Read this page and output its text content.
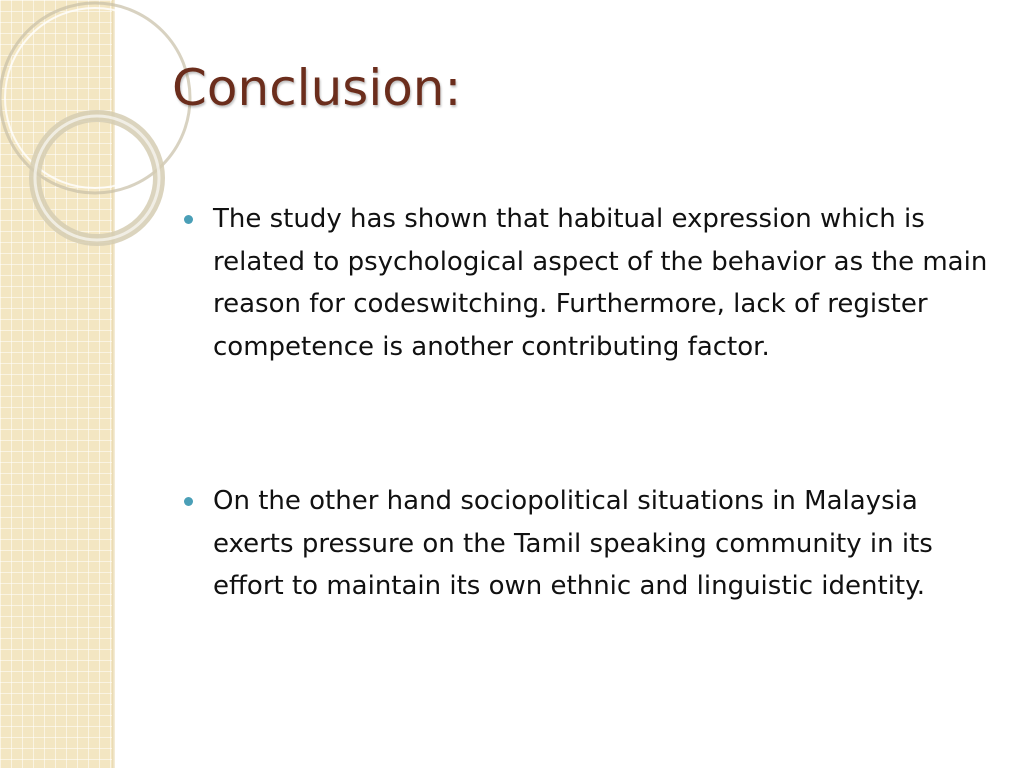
Conclusion:
The study has shown that habitual expression which is related to psychological aspect of the behavior as the main reason for codeswitching. Furthermore, lack of register competence is another contributing factor.
On the other hand sociopolitical situations in Malaysia exerts pressure on the Tamil speaking community in its effort to maintain its own ethnic and linguistic identity.
